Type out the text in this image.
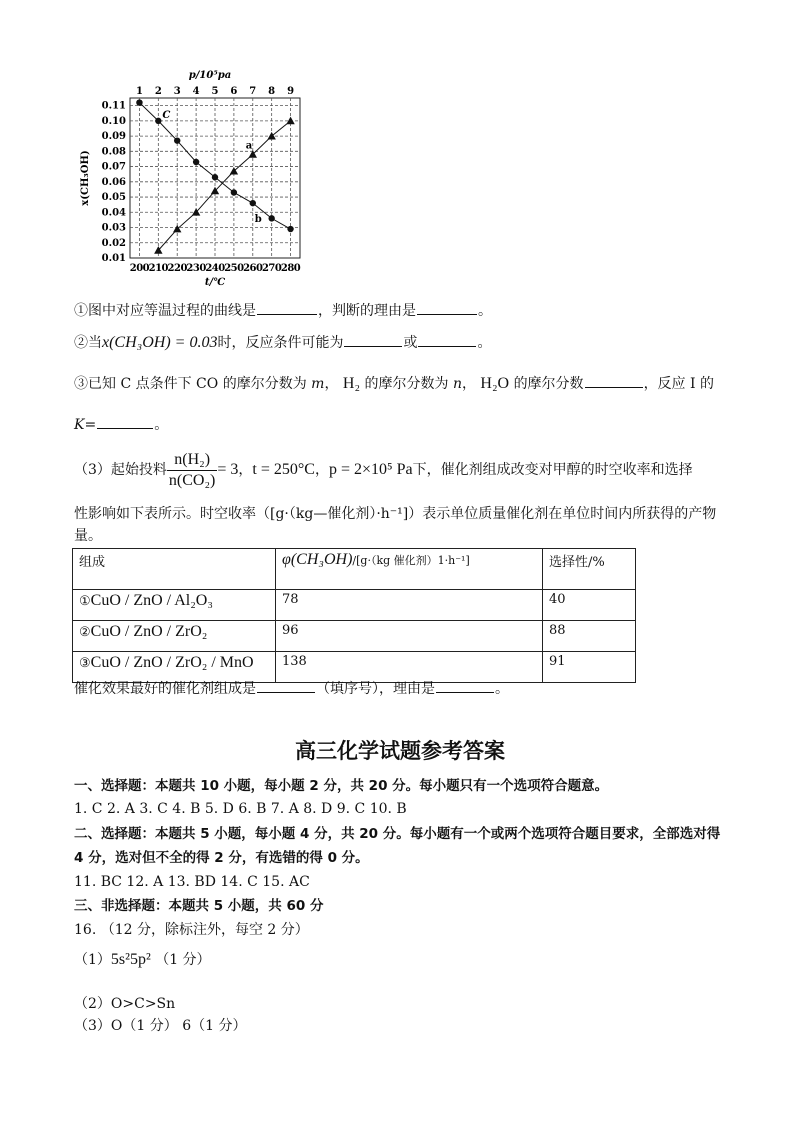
0.11
0.10
0.09
0.08
0.07
0.06
0.05
0.04
0.03
0.02
0.01
200 210 220 230 240 250 260 270 280
1 2 3 4 5 6 7 8 9
p/10⁵pa
t/℃
x(CH₃OH)
C
a
b
①图中对应等温过程的曲线是	，判断的理由是	。
②当x(CH₃OH) = 0.03时，反应条件可能为	或	。
③已知 C 点条件下 CO 的摩尔分数为 m， H₂ 的摩尔分数为 n， H₂O 的摩尔分数	，反应 I 的
K=	。
（3）起始投料 $\frac{\text{n(H₂)}}{\text{n(CO₂)}} = 3$ ， t = 250°C ， p = 2×10⁵ Pa 下，催化剂组成改变对甲醇的时空收率和选择
性影响如下表所示。时空收率（[g·（kg—催化剂）·h⁻¹]）表示单位质量催化剂在单位时间内所获得的产物
量。
组成	φ(CH₃OH)/[g·（kg 催化剂）1·h⁻¹]	选择性/%
①CuO / ZnO / Al₂O₃	78	40
②CuO / ZnO / ZrO₂	96	88
③CuO / ZnO / ZrO₂ / MnO	138	91
催化效果最好的催化剂组成是	（填序号），理由是	。
高三化学试题参考答案
一、选择题：本题共 10 小题，每小题 2 分，共 20 分。每小题只有一个选项符合题意。
1. C 2. A 3. C 4. B 5. D 6. B 7. A 8. D 9. C 10. B
二、选择题：本题共 5 小题，每小题 4 分，共 20 分。每小题有一个或两个选项符合题目要求，全部选对得
4 分，选对但不全的得 2 分，有选错的得 0 分。
11. BC 12. A 13. BD 14. C 15. AC
三、非选择题：本题共 5 小题，共 60 分
16. （12 分，除标注外，每空 2 分）
（1）5s²5p² （1 分）
（2）O>C>Sn
（3）O（1 分） 6（1 分）
